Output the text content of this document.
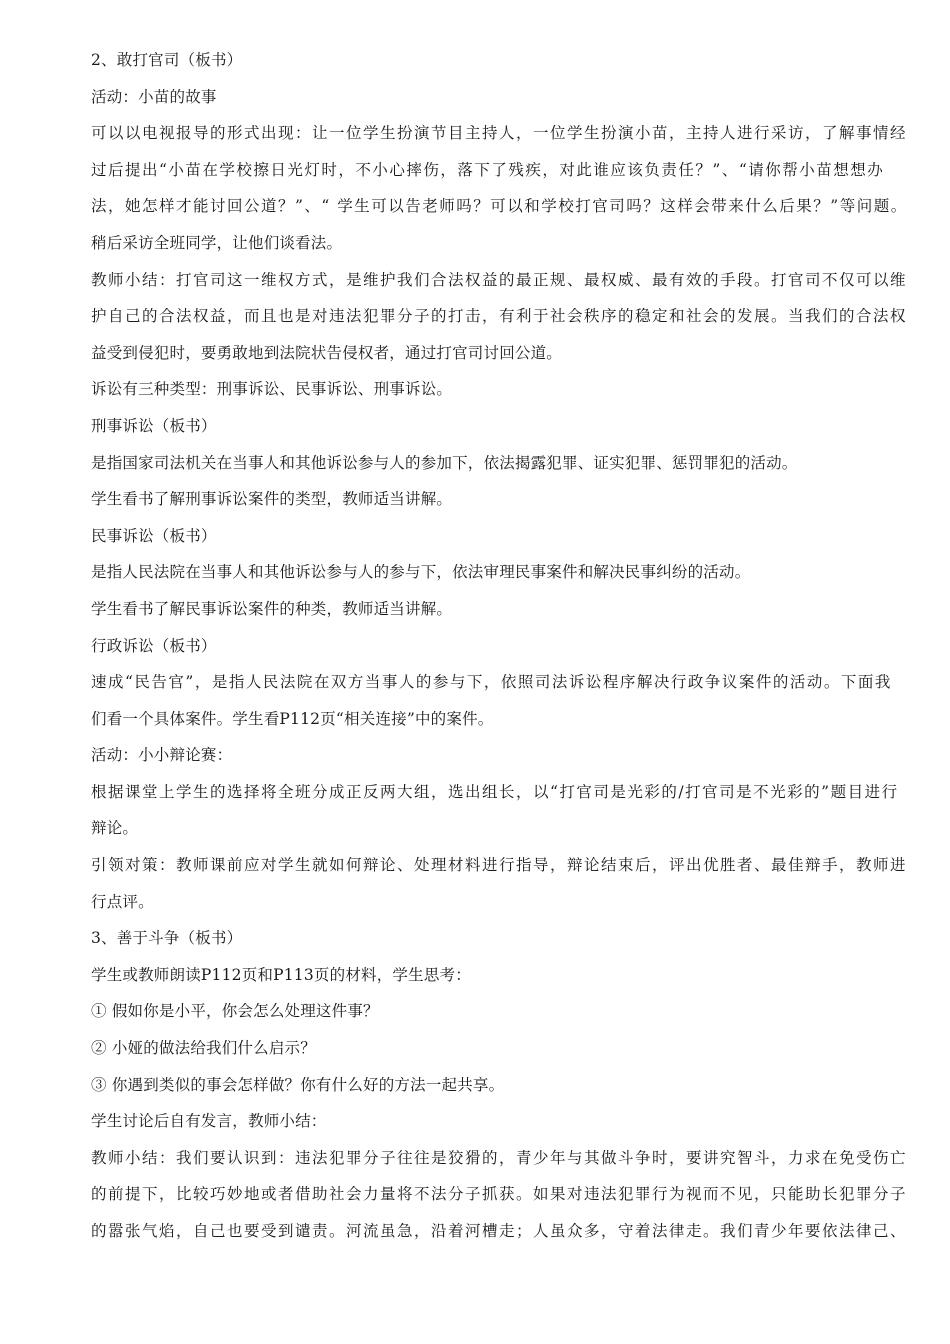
2、敢打官司（板书）
活动：小苗的故事
可以以电视报导的形式出现：让一位学生扮演节目主持人，一位学生扮演小苗，主持人进行采访，了解事情经
过后提出“小苗在学校擦日光灯时，不小心摔伤，落下了残疾，对此谁应该负责任？”、“请你帮小苗想想办
法，她怎样才能讨回公道？”、“ 学生可以告老师吗？可以和学校打官司吗？这样会带来什么后果？”等问题。
稍后采访全班同学，让他们谈看法。
教师小结：打官司这一维权方式，是维护我们合法权益的最正规、最权威、最有效的手段。打官司不仅可以维
护自己的合法权益，而且也是对违法犯罪分子的打击，有利于社会秩序的稳定和社会的发展。当我们的合法权
益受到侵犯时，要勇敢地到法院状告侵权者，通过打官司讨回公道。
诉讼有三种类型：刑事诉讼、民事诉讼、刑事诉讼。
刑事诉讼（板书）
是指国家司法机关在当事人和其他诉讼参与人的参加下，依法揭露犯罪、证实犯罪、惩罚罪犯的活动。
学生看书了解刑事诉讼案件的类型，教师适当讲解。
民事诉讼（板书）
是指人民法院在当事人和其他诉讼参与人的参与下，依法审理民事案件和解决民事纠纷的活动。
学生看书了解民事诉讼案件的种类，教师适当讲解。
行政诉讼（板书）
速成“民告官”，是指人民法院在双方当事人的参与下，依照司法诉讼程序解决行政争议案件的活动。下面我
们看一个具体案件。学生看P112页“相关连接”中的案件。
活动：小小辩论赛：
根据课堂上学生的选择将全班分成正反两大组，选出组长，以“打官司是光彩的/打官司是不光彩的”题目进行
辩论。
引领对策：教师课前应对学生就如何辩论、处理材料进行指导，辩论结束后，评出优胜者、最佳辩手，教师进
行点评。
3、善于斗争（板书）
学生或教师朗读P112页和P113页的材料，学生思考：
① 假如你是小平，你会怎么处理这件事？
② 小娅的做法给我们什么启示？
③ 你遇到类似的事会怎样做？你有什么好的方法一起共享。
学生讨论后自有发言，教师小结：
教师小结：我们要认识到：违法犯罪分子往往是狡猾的，青少年与其做斗争时，要讲究智斗，力求在免受伤亡
的前提下，比较巧妙地或者借助社会力量将不法分子抓获。如果对违法犯罪行为视而不见，只能助长犯罪分子
的嚣张气焰，自己也要受到谴责。河流虽急，沿着河槽走；人虽众多，守着法律走。我们青少年要依法律己、
